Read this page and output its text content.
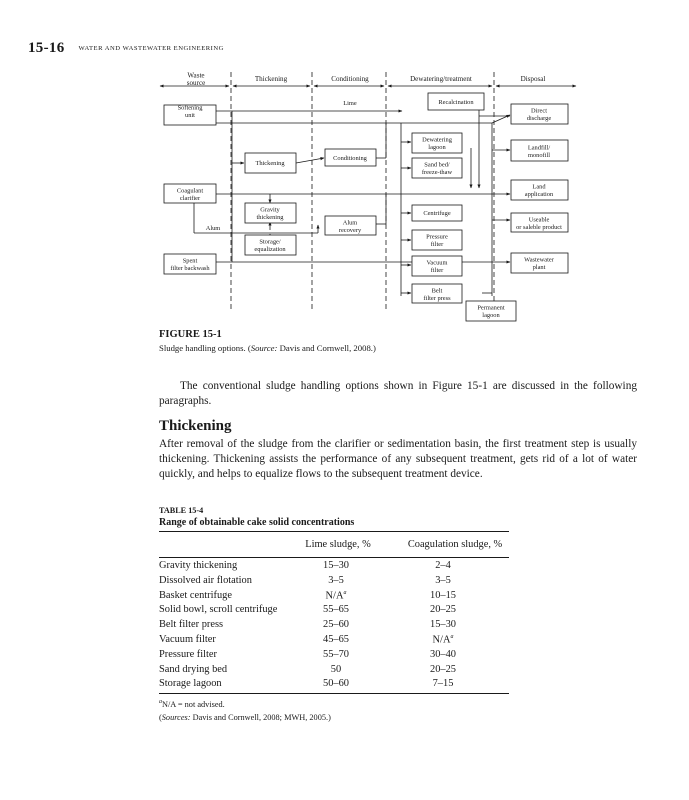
15-16 WATER AND WASTEWATER ENGINEERING
Waste source	Thickening	Conditioning	Dewatering/treatment	Disposal
Softening unit
Coagulant clarifier
Spent filter backwash
Thickening
Gravity thickening
Storage/ equalization
Conditioning
Alum recovery
Recalcination
Dewatering lagoon
Sand bed/ freeze-thaw
Centrifuge
Pressure filter
Vacuum filter
Belt filter press
Direct discharge
Landfill/ monofill
Land application
Useable or saleble product
Wastewater plant
Permanent lagoon
Lime
Alum
FIGURE 15-1
Sludge handling options. (Source: Davis and Cornwell, 2008.)

The conventional sludge handling options shown in Figure 15-1 are discussed in the following paragraphs.

Thickening

After removal of the sludge from the clarifier or sedimentation basin, the first treatment step is usually thickening. Thickening assists the performance of any subsequent treatment, gets rid of a lot of water quickly, and helps to equalize flows to the subsequent treatment device.

TABLE 15-4
Range of obtainable cake solid concentrations
Lime sludge, %	Coagulation sludge, %
Gravity thickening	15–30	2–4
Dissolved air flotation	3–5	3–5
Basket centrifuge	$N/A^a$	10–15
Solid bowl, scroll centrifuge	55–65	20–25
Belt filter press	25–60	15–30
Vacuum filter	45–65	$N/A^a$
Pressure filter	55–70	30–40
Sand drying bed	50	20–25
Storage lagoon	50–60	7–15
$^a$N/A = not advised.
(Sources: Davis and Cornwell, 2008; MWH, 2005.)
